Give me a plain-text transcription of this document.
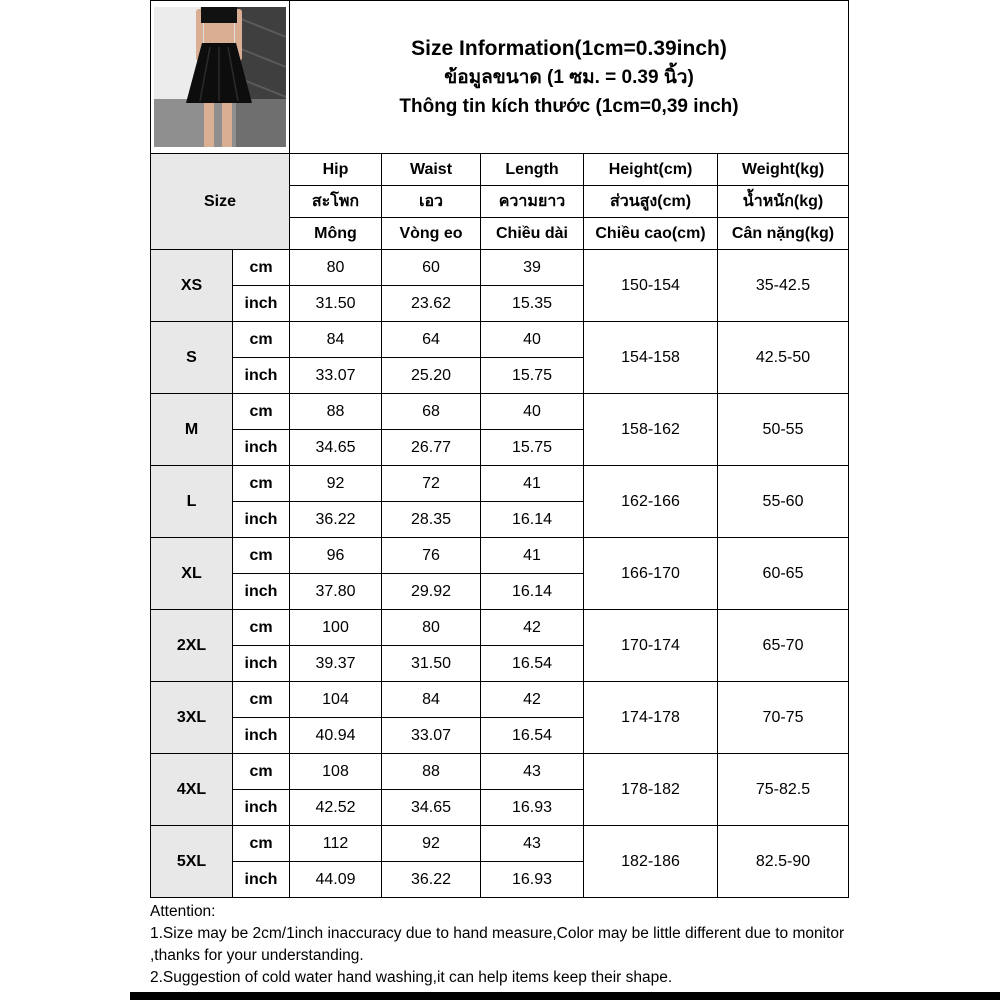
Size Information(1cm=0.39inch)
ข้อมูลขนาด (1 ซม. = 0.39 นิ้ว)
Thông tin kích thước (1cm=0,39 inch)				

Size		Hip	Waist	Length	Height(cm)	Weight(kg)
		สะโพก	เอว	ความยาว	ส่วนสูง(cm)	น้ำหนัก(kg)
		Mông	Vòng eo	Chiều dài	Chiều cao(cm)	Cân nặng(kg)
XS	cm	80	60	39	150-154	35-42.5
	inch	31.50	23.62	15.35		
S	cm	84	64	40	154-158	42.5-50
	inch	33.07	25.20	15.75		
M	cm	88	68	40	158-162	50-55
	inch	34.65	26.77	15.75		
L	cm	92	72	41	162-166	55-60
	inch	36.22	28.35	16.14		
XL	cm	96	76	41	166-170	60-65
	inch	37.80	29.92	16.14		
2XL	cm	100	80	42	170-174	65-70
	inch	39.37	31.50	16.54		
3XL	cm	104	84	42	174-178	70-75
	inch	40.94	33.07	16.54		
4XL	cm	108	88	43	178-182	75-82.5
	inch	42.52	34.65	16.93		
5XL	cm	112	92	43	182-186	82.5-90
	inch	44.09	36.22	16.93		
Attention:
1.Size may be 2cm/1inch inaccuracy due to hand measure,Color may be little different due to monitor ,thanks for your understanding.
2.Suggestion of cold water hand washing,it can help items keep their shape.
